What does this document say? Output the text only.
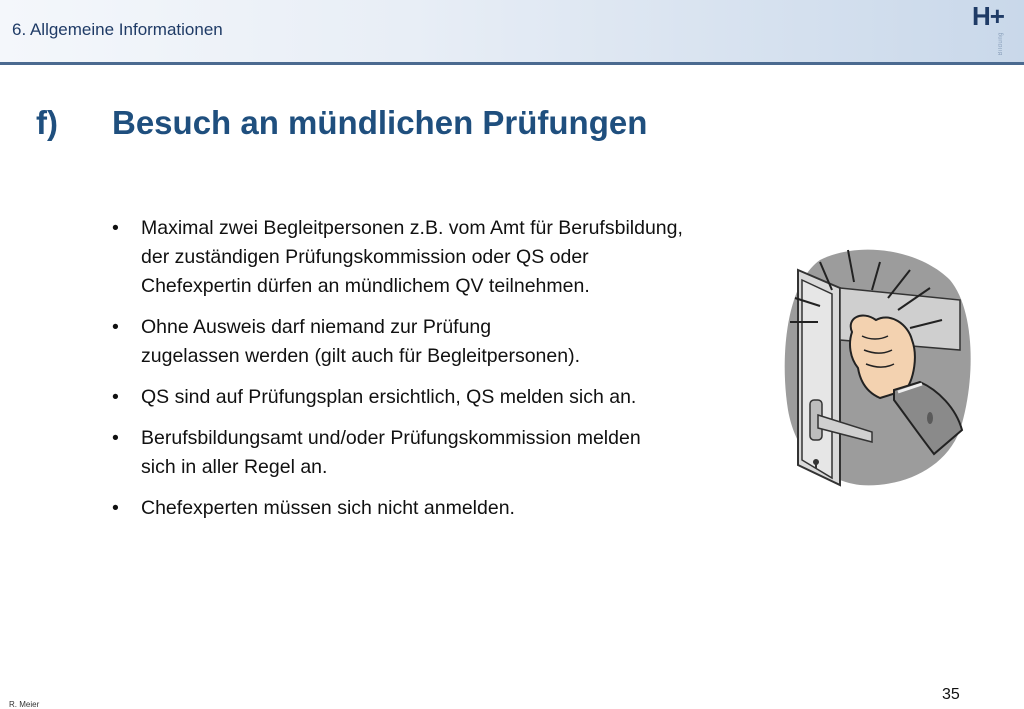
6. Allgemeine Informationen	H+
Bildung
f) Besuch an mündlichen Prüfungen
• Maximal zwei Begleitpersonen z.B. vom Amt für Berufsbildung,
der zuständigen Prüfungskommission oder QS oder
Chefexpertin dürfen an mündlichem QV teilnehmen.
• Ohne Ausweis darf niemand zur Prüfung
zugelassen werden (gilt auch für Begleitpersonen).
• QS sind auf Prüfungsplan ersichtlich, QS melden sich an.
• Berufsbildungsamt und/oder Prüfungskommission melden
sich in aller Regel an.
• Chefexperten müssen sich nicht anmelden.
R. Meier
35
